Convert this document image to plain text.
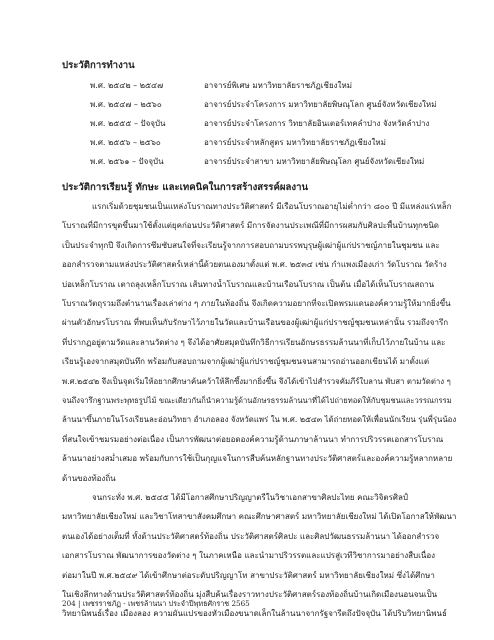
ประวัติการทำงาน
พ.ศ. ๒๕๔๒ – ๒๕๔๗	อาจารย์พิเศษ มหาวิทยาลัยราชภัฏเชียงใหม่
พ.ศ. ๒๕๔๗ – ๒๕๖๐	อาจารย์ประจำโครงการ มหาวิทยาลัยพิษณุโลก ศูนย์จังหวัดเชียงใหม่
พ.ศ. ๒๕๕๕ – ปัจจุบัน	อาจารย์ประจำโครงการ วิทยาลัยอินเตอร์เทคลำปาง จังหวัดลำปาง
พ.ศ. ๒๕๕๖ – ๒๕๖๐	อาจารย์ประจำหลักสูตร มหาวิทยาลัยราชภัฏเชียงใหม่
พ.ศ. ๒๕๖๑ – ปัจจุบัน	อาจารย์ประจำสาขา มหาวิทยาลัยพิษณุโลก ศูนย์จังหวัดเชียงใหม่
ประวัติการเรียนรู้ ทักษะ และเทคนิคในการสร้างสรรค์ผลงาน
แรกเริ่มด้วยชุมชนเป็นแหล่งโบราณทางประวัติศาสตร์ มีเรือนโบราณอายุไม่ต่ำกว่า ๘๐๐ ปี มีแหล่งแร่เหล็ก
โบราณที่มีการขุดขึ้นมาใช้ตั้งแต่ยุคก่อนประวัติศาสตร์ มีการจัดงานประเพณีที่มีการผสมกับศิลปะพื้นบ้านทุกชนิด
เป็นประจำทุกปี จึงเกิดการซึมซับสนใจที่จะเรียนรู้จากการสอบถามบรรพบุรุษผู้เฒ่าผู้แก่ปราชญ์ภายในชุมชน และ
ออกสำรวจตามแหล่งประวัติศาสตร์เหล่านี้ด้วยตนเองมาตั้งแต่ พ.ศ. ๒๕๓๔ เช่น กำแพงเมืองเก่า วัดโบราณ วัดร้าง
บ่อเหล็กโบราณ เตาถลุงเหล็กโบราณ เส้นทางน้ำโบราณและบ้านเรือนโบราณ เป็นต้น เมื่อได้เห็นโบราณสถาน
โบราณวัตถุรวมถึงตำนานเรื่องเล่าต่าง ๆ ภายในท้องถิ่น จึงเกิดความอยากที่จะเปิดพรมแดนองค์ความรู้ให้มากยิ่งขึ้น
ผ่านตัวอักษรโบราณ ที่พบเห็นกับรักษาไว้ภายในวัดและบ้านเรือนของผู้เฒ่าผู้แก่ปราชญ์ชุมชนเหล่านั้น รวมถึงจารึก
ที่ปรากฏอยู่ตามวัดและลานวัดต่าง ๆ จึงได้อาศัยสมุดบันทึกวิธีการเรียนอักษรธรรมล้านนาที่เก็บไว้ภายในบ้าน และ
เรียนรู้เองจากสมุดบันทึก พร้อมกับสอบถามจากผู้เฒ่าผู้แก่ปราชญ์ชุมชนจนสามารถอ่านออกเขียนได้ มาตั้งแต่
พ.ศ.๒๕๔๒ จึงเป็นจุดเริ่มให้อยากศึกษาค้นคว้าให้ลึกซึ้งมากยิ่งขึ้น จึงได้เข้าไปสำรวจคัมภีร์ใบลาน พับสา ตามวัดต่าง ๆ
จนถึงจารึกฐานพระพุทธรูปไม้ ขณะเดียวกันก็นำความรู้ด้านอักษรธรรมล้านนาที่ได้ไปถ่ายทอดให้กับชุมชนและวรรณกรรม
ล้านนาขึ้นภายในโรงเรียนละอ่อนวิทยา อำเภอลอง จังหวัดแพร่ ใน พ.ศ. ๒๕๔๓ ได้ถ่ายทอดให้เพื่อนนักเรียน รุ่นพี่รุ่นน้อง
ที่สนใจเข้าชมรมอย่างต่อเนื่อง เป็นการพัฒนาต่อยอดองค์ความรู้ด้านภาษาล้านนา ทำการปริวรรตเอกสารโบราณ
ล้านนาอย่างสม่ำเสมอ พร้อมกับการใช้เป็นกุญแจในการสืบค้นหลักฐานทางประวัติศาสตร์และองค์ความรู้หลากหลาย
ด้านของท้องถิ่น
จนกระทั่ง พ.ศ. ๒๕๔๕ ได้มีโอกาสศึกษาปริญญาตรีในวิชาเอกสาขาศิลปะไทย คณะวิจิตรศิลป์
มหาวิทยาลัยเชียงใหม่ และวิชาโทสาขาสังคมศึกษา คณะศึกษาศาสตร์ มหาวิทยาลัยเชียงใหม่ ได้เปิดโอกาสให้พัฒนา
ตนเองได้อย่างเต็มที่ ทั้งด้านประวัติศาสตร์ท้องถิ่น ประวัติศาสตร์ศิลปะ และศิลปวัฒนธรรมล้านนา ได้ออกสำรวจ
เอกสารโบราณ พัฒนาการของวัดต่าง ๆ ในภาคเหนือ และนำมาปริวรรตและแปรสู่เวทีวิชาการมาอย่างสืบเนื่อง
ต่อมาในปี พ.ศ.๒๕๔๙ ได้เข้าศึกษาต่อระดับปริญญาโท สาขาประวัติศาสตร์ มหาวิทยาลัยเชียงใหม่ ซึ่งได้ศึกษา
ในเชิงลึกทางด้านประวัติศาสตร์ท้องถิ่น มุ่งสืบค้นเรื่องราวทางประวัติศาสตร์รองท้องถิ่นบ้านเกิดเมืองนอนจนเป็น
วิทยานิพนธ์เรื่อง เมืองลอง ความผันแปรของหัวเมืองขนาดเล็กในล้านนาจากรัฐจารีตถึงปัจจุบัน ได้ปริบวิทยานิพนธ์
204 | เพชรราชภัฏ - เพชรล้านนา ประจำปีพุทธศักราช 2565
